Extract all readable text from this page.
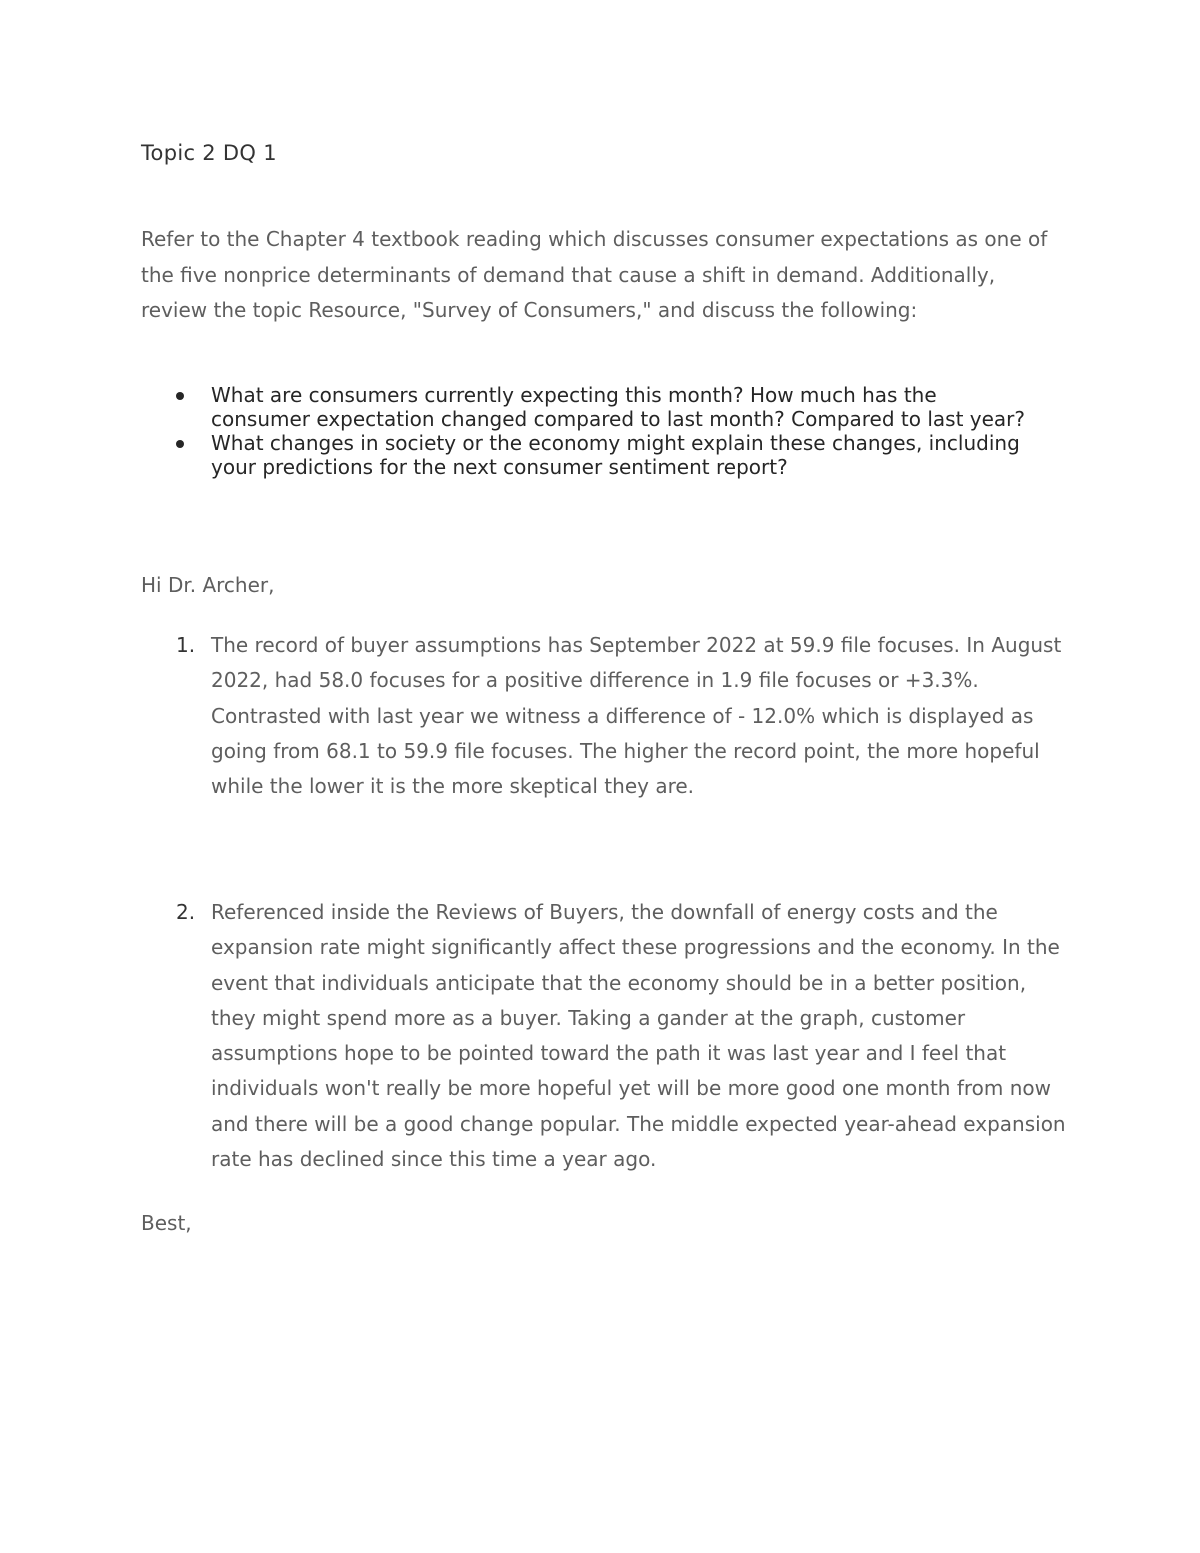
Topic 2 DQ 1

Refer to the Chapter 4 textbook reading which discusses consumer expectations as one of the five nonprice determinants of demand that cause a shift in demand. Additionally, review the topic Resource, "Survey of Consumers," and discuss the following:

What are consumers currently expecting this month? How much has the consumer expectation changed compared to last month? Compared to last year?
What changes in society or the economy might explain these changes, including your predictions for the next consumer sentiment report?

Hi Dr. Archer,

1. The record of buyer assumptions has September 2022 at 59.9 file focuses. In August 2022, had 58.0 focuses for a positive difference in 1.9 file focuses or +3.3%. Contrasted with last year we witness a difference of - 12.0% which is displayed as going from 68.1 to 59.9 file focuses. The higher the record point, the more hopeful while the lower it is the more skeptical they are.

2. Referenced inside the Reviews of Buyers, the downfall of energy costs and the expansion rate might significantly affect these progressions and the economy. In the event that individuals anticipate that the economy should be in a better position, they might spend more as a buyer. Taking a gander at the graph, customer assumptions hope to be pointed toward the path it was last year and I feel that individuals won't really be more hopeful yet will be more good one month from now and there will be a good change popular. The middle expected year-ahead expansion rate has declined since this time a year ago.

Best,
